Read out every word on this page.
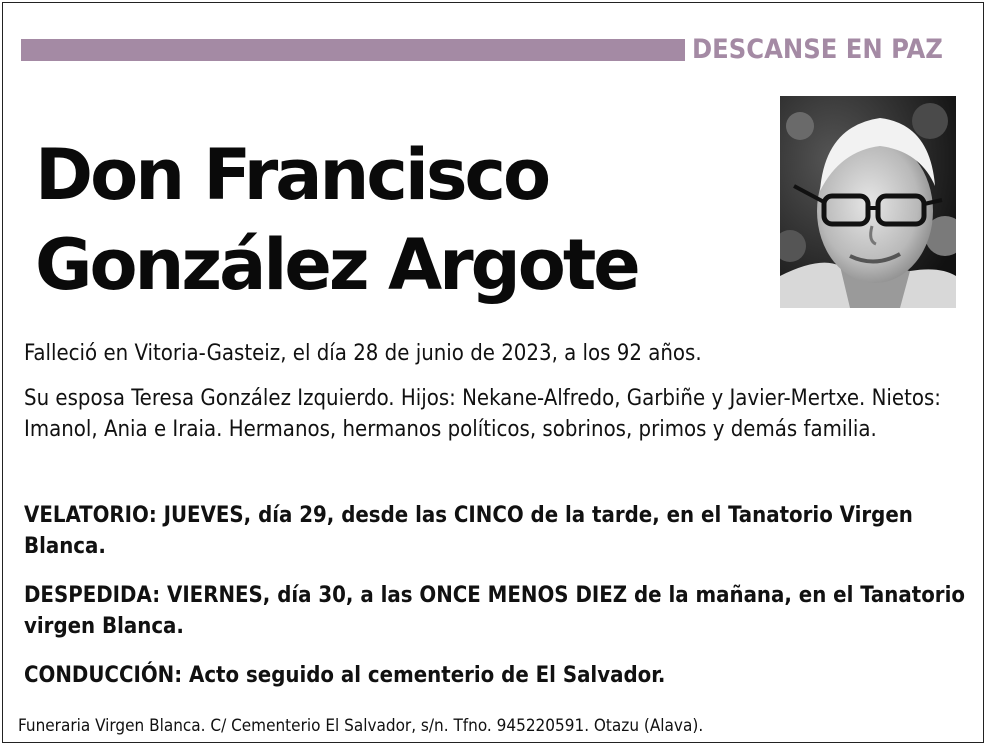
DESCANSE EN PAZ
Don Francisco
González Argote
Falleció en Vitoria-Gasteiz, el día 28 de junio de 2023, a los 92 años.
Su esposa Teresa González Izquierdo. Hijos: Nekane-Alfredo, Garbiñe y Javier-Mertxe. Nietos: Imanol, Ania e Iraia. Hermanos, hermanos políticos, sobrinos, primos y demás familia.
VELATORIO: JUEVES, día 29, desde las CINCO de la tarde, en el Tanatorio Virgen Blanca.
DESPEDIDA: VIERNES, día 30, a las ONCE MENOS DIEZ de la mañana, en el Tanatorio virgen Blanca.
CONDUCCIÓN: Acto seguido al cementerio de El Salvador.
Funeraria Virgen Blanca. C/ Cementerio El Salvador, s/n. Tfno. 945220591. Otazu (Alava).
